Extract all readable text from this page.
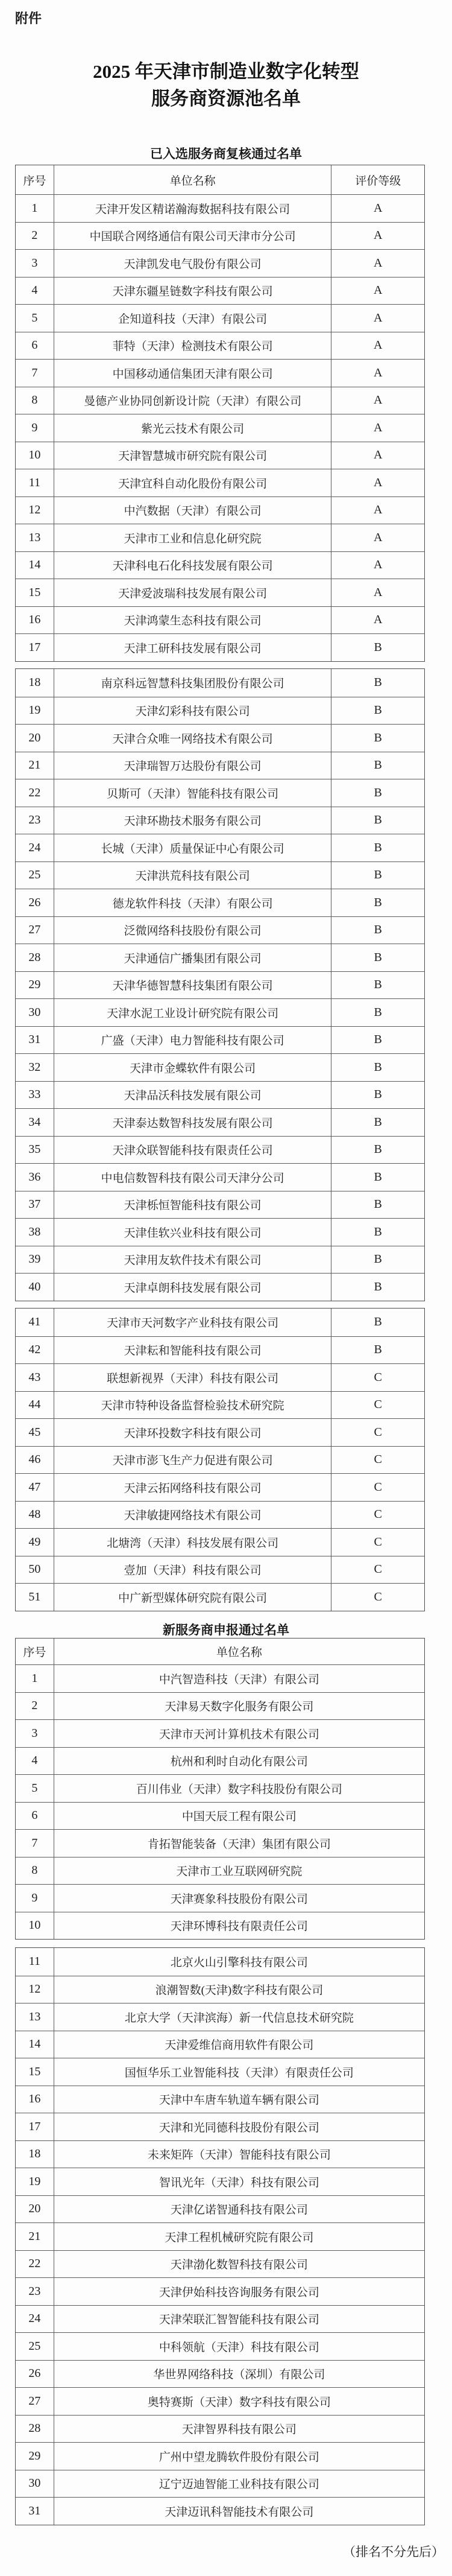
附件
2025 年天津市制造业数字化转型
服务商资源池名单
已入选服务商复核通过名单
序号	单位名称	评价等级
1	天津开发区精诺瀚海数据科技有限公司	A
2	中国联合网络通信有限公司天津市分公司	A
3	天津凯发电气股份有限公司	A
4	天津东疆星链数字科技有限公司	A
5	企知道科技（天津）有限公司	A
6	菲特（天津）检测技术有限公司	A
7	中国移动通信集团天津有限公司	A
8	曼德产业协同创新设计院（天津）有限公司	A
9	紫光云技术有限公司	A
10	天津智慧城市研究院有限公司	A
11	天津宜科自动化股份有限公司	A
12	中汽数据（天津）有限公司	A
13	天津市工业和信息化研究院	A
14	天津科电石化科技发展有限公司	A
15	天津爱波瑞科技发展有限公司	A
16	天津鸿蒙生态科技有限公司	A
17	天津工研科技发展有限公司	B
18	南京科远智慧科技集团股份有限公司	B
19	天津幻彩科技有限公司	B
20	天津合众唯一网络技术有限公司	B
21	天津瑞智万达股份有限公司	B
22	贝斯可（天津）智能科技有限公司	B
23	天津环勘技术服务有限公司	B
24	长城（天津）质量保证中心有限公司	B
25	天津洪荒科技有限公司	B
26	德龙软件科技（天津）有限公司	B
27	泛微网络科技股份有限公司	B
28	天津通信广播集团有限公司	B
29	天津华德智慧科技集团有限公司	B
30	天津水泥工业设计研究院有限公司	B
31	广盛（天津）电力智能科技有限公司	B
32	天津市金蝶软件有限公司	B
33	天津品沃科技发展有限公司	B
34	天津泰达数智科技发展有限公司	B
35	天津众联智能科技有限责任公司	B
36	中电信数智科技有限公司天津分公司	B
37	天津栎恒智能科技有限公司	B
38	天津佳软兴业科技有限公司	B
39	天津用友软件技术有限公司	B
40	天津卓朗科技发展有限公司	B
41	天津市天河数字产业科技有限公司	B
42	天津耘和智能科技有限公司	B
43	联想新视界（天津）科技有限公司	C
44	天津市特种设备监督检验技术研究院	C
45	天津环投数字科技有限公司	C
46	天津市澎飞生产力促进有限公司	C
47	天津云拓网络科技有限公司	C
48	天津敏捷网络技术有限公司	C
49	北塘湾（天津）科技发展有限公司	C
50	壹加（天津）科技有限公司	C
51	中广新型媒体研究院有限公司	C
新服务商申报通过名单
序号	单位名称
1	中汽智造科技（天津）有限公司
2	天津易天数字化服务有限公司
3	天津市天河计算机技术有限公司
4	杭州和利时自动化有限公司
5	百川伟业（天津）数字科技股份有限公司
6	中国天辰工程有限公司
7	肯拓智能装备（天津）集团有限公司
8	天津市工业互联网研究院
9	天津赛象科技股份有限公司
10	天津环博科技有限责任公司
11	北京火山引擎科技有限公司
12	浪潮智数(天津)数字科技有限公司
13	北京大学（天津滨海）新一代信息技术研究院
14	天津爱维信商用软件有限公司
15	国恒华乐工业智能科技（天津）有限责任公司
16	天津中车唐车轨道车辆有限公司
17	天津和光同德科技股份有限公司
18	未来矩阵（天津）智能科技有限公司
19	智讯光年（天津）科技有限公司
20	天津亿诺智通科技有限公司
21	天津工程机械研究院有限公司
22	天津渤化数智科技有限公司
23	天津伊始科技咨询服务有限公司
24	天津荣联汇智智能科技有限公司
25	中科领航（天津）科技有限公司
26	华世界网络科技（深圳）有限公司
27	奥特赛斯（天津）数字科技有限公司
28	天津智界科技有限公司
29	广州中望龙腾软件股份有限公司
30	辽宁迈迪智能工业科技有限公司
31	天津迈讯科智能技术有限公司
（排名不分先后）
